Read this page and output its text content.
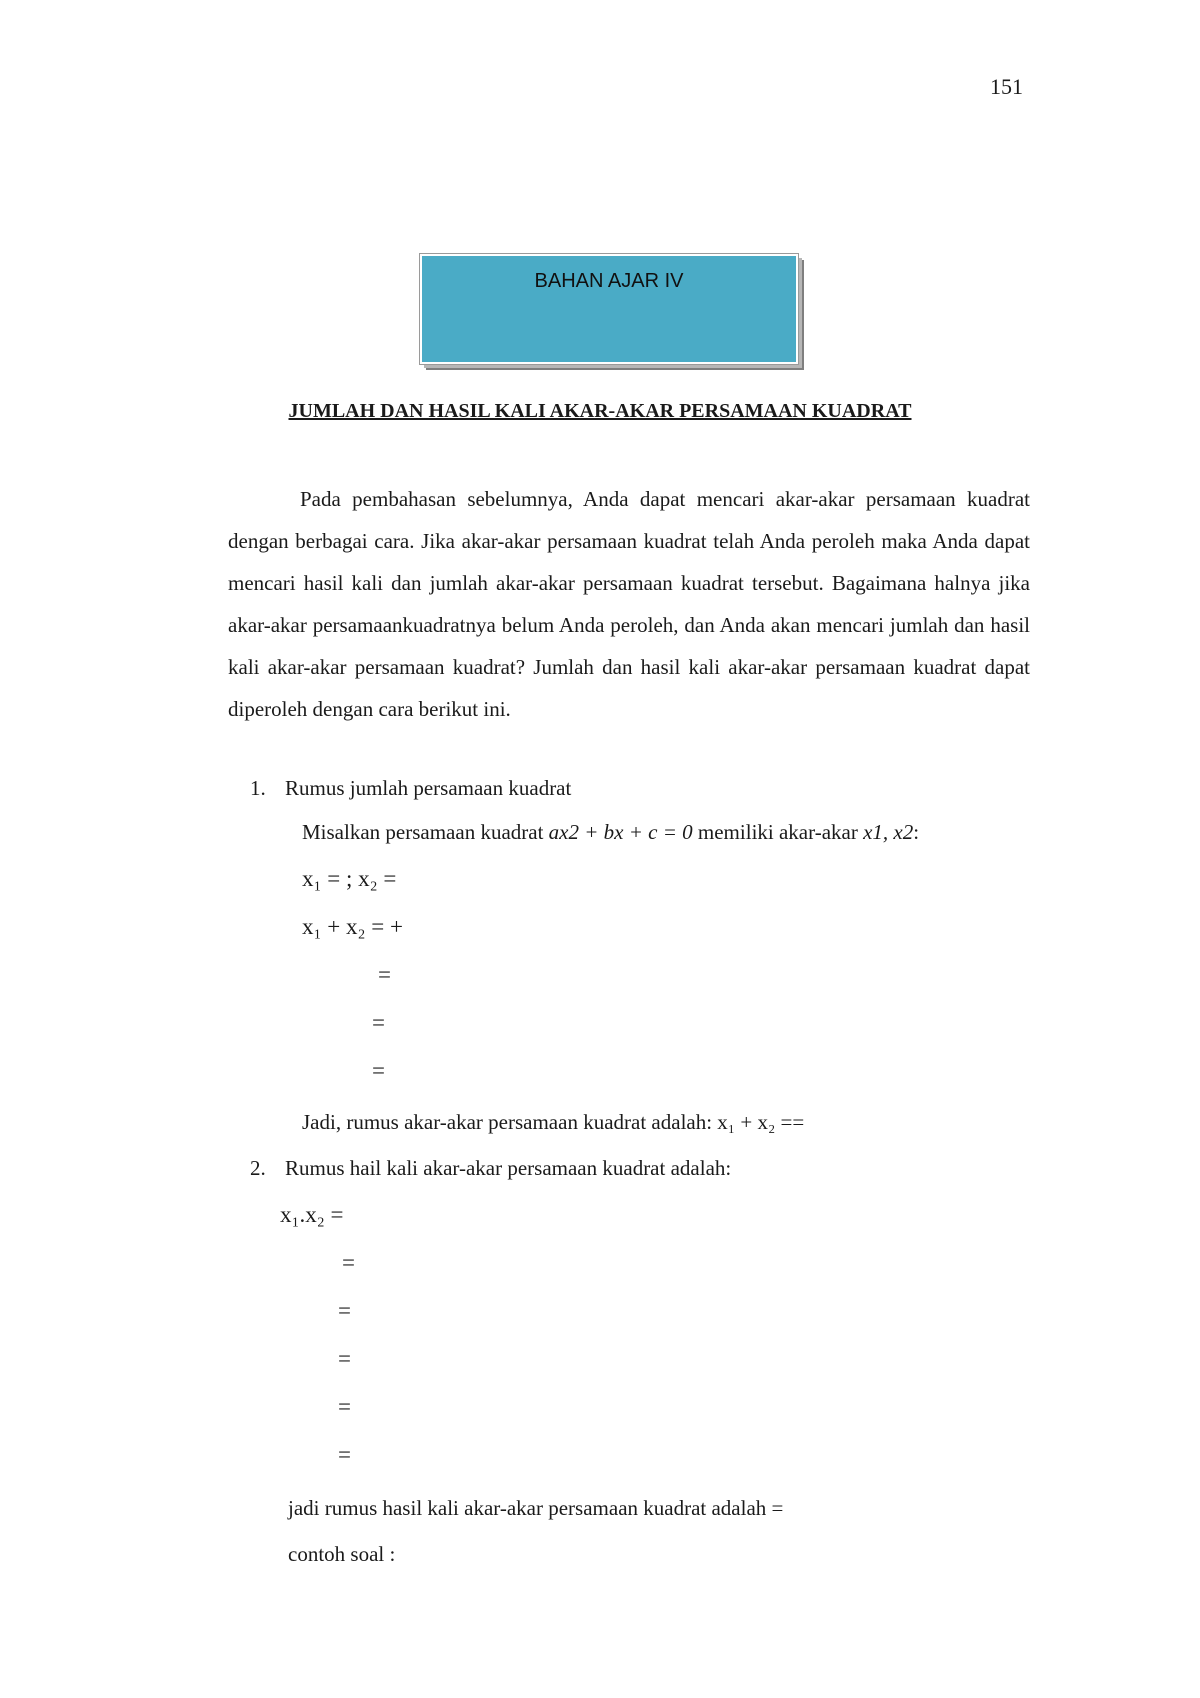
151
BAHAN AJAR IV
JUMLAH DAN HASIL KALI AKAR-AKAR PERSAMAAN KUADRAT

Pada pembahasan sebelumnya, Anda dapat mencari akar-akar persamaan kuadrat dengan berbagai cara. Jika akar-akar persamaan kuadrat telah Anda peroleh maka Anda dapat mencari hasil kali dan jumlah akar-akar persamaan kuadrat tersebut. Bagaimana halnya jika akar-akar persamaankuadratnya belum Anda peroleh, dan Anda akan mencari jumlah dan hasil kali akar-akar persamaan kuadrat? Jumlah dan hasil kali akar-akar persamaan kuadrat dapat diperoleh dengan cara berikut ini.

1. Rumus jumlah persamaan kuadrat
Misalkan persamaan kuadrat ax2 + bx + c = 0 memiliki akar-akar x1, x2:
x₁ = ; x₂ =
x₁ + x₂ = +
=
=
=
Jadi, rumus akar-akar persamaan kuadrat adalah: x₁ + x₂ ==
2. Rumus hail kali akar-akar persamaan kuadrat adalah:
x₁.x₂ =
=
=
=
=
=
jadi rumus hasil kali akar-akar persamaan kuadrat adalah =
contoh soal :
